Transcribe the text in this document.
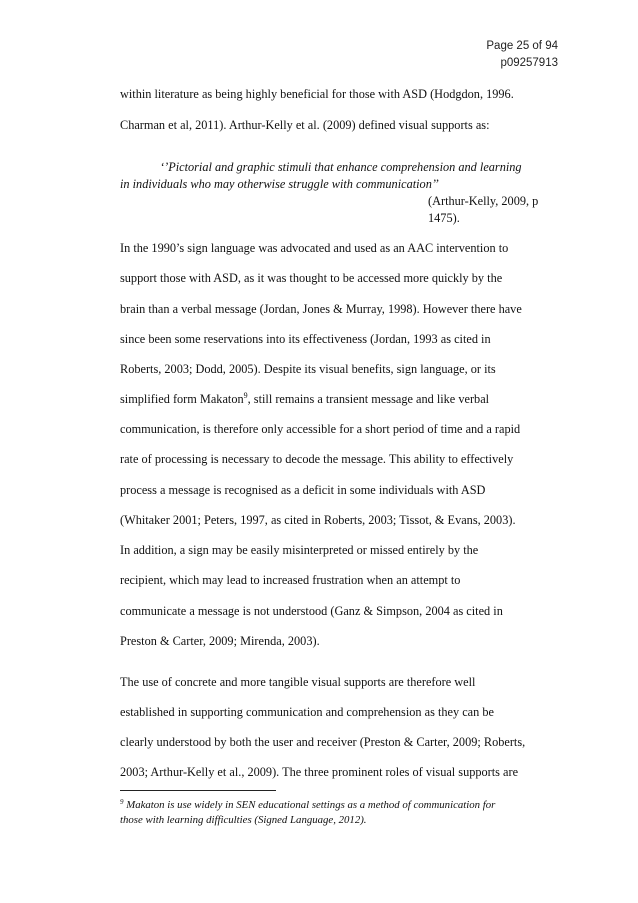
Page 25 of 94
p09257913
within literature as being highly beneficial for those with ASD (Hodgdon, 1996.
Charman et al, 2011). Arthur-Kelly et al. (2009) defined visual supports as:
‘’Pictorial and graphic stimuli that enhance comprehension and learning
in individuals who may otherwise struggle with communication’’
(Arthur-Kelly, 2009, p
1475).
In the 1990’s sign language was advocated and used as an AAC intervention to
support those with ASD, as it was thought to be accessed more quickly by the
brain than a verbal message (Jordan, Jones & Murray, 1998). However there have
since been some reservations into its effectiveness (Jordan, 1993 as cited in
Roberts, 2003; Dodd, 2005). Despite its visual benefits, sign language, or its
simplified form Makaton$^9$, still remains a transient message and like verbal
communication, is therefore only accessible for a short period of time and a rapid
rate of processing is necessary to decode the message. This ability to effectively
process a message is recognised as a deficit in some individuals with ASD
(Whitaker 2001; Peters, 1997, as cited in Roberts, 2003; Tissot, & Evans, 2003).
In addition, a sign may be easily misinterpreted or missed entirely by the
recipient, which may lead to increased frustration when an attempt to
communicate a message is not understood (Ganz & Simpson, 2004 as cited in
Preston & Carter, 2009; Mirenda, 2003).
The use of concrete and more tangible visual supports are therefore well
established in supporting communication and comprehension as they can be
clearly understood by both the user and receiver (Preston & Carter, 2009; Roberts,
2003; Arthur-Kelly et al., 2009). The three prominent roles of visual supports are
$^9$ Makaton is use widely in SEN educational settings as a method of communication for
those with learning difficulties (Signed Language, 2012).
